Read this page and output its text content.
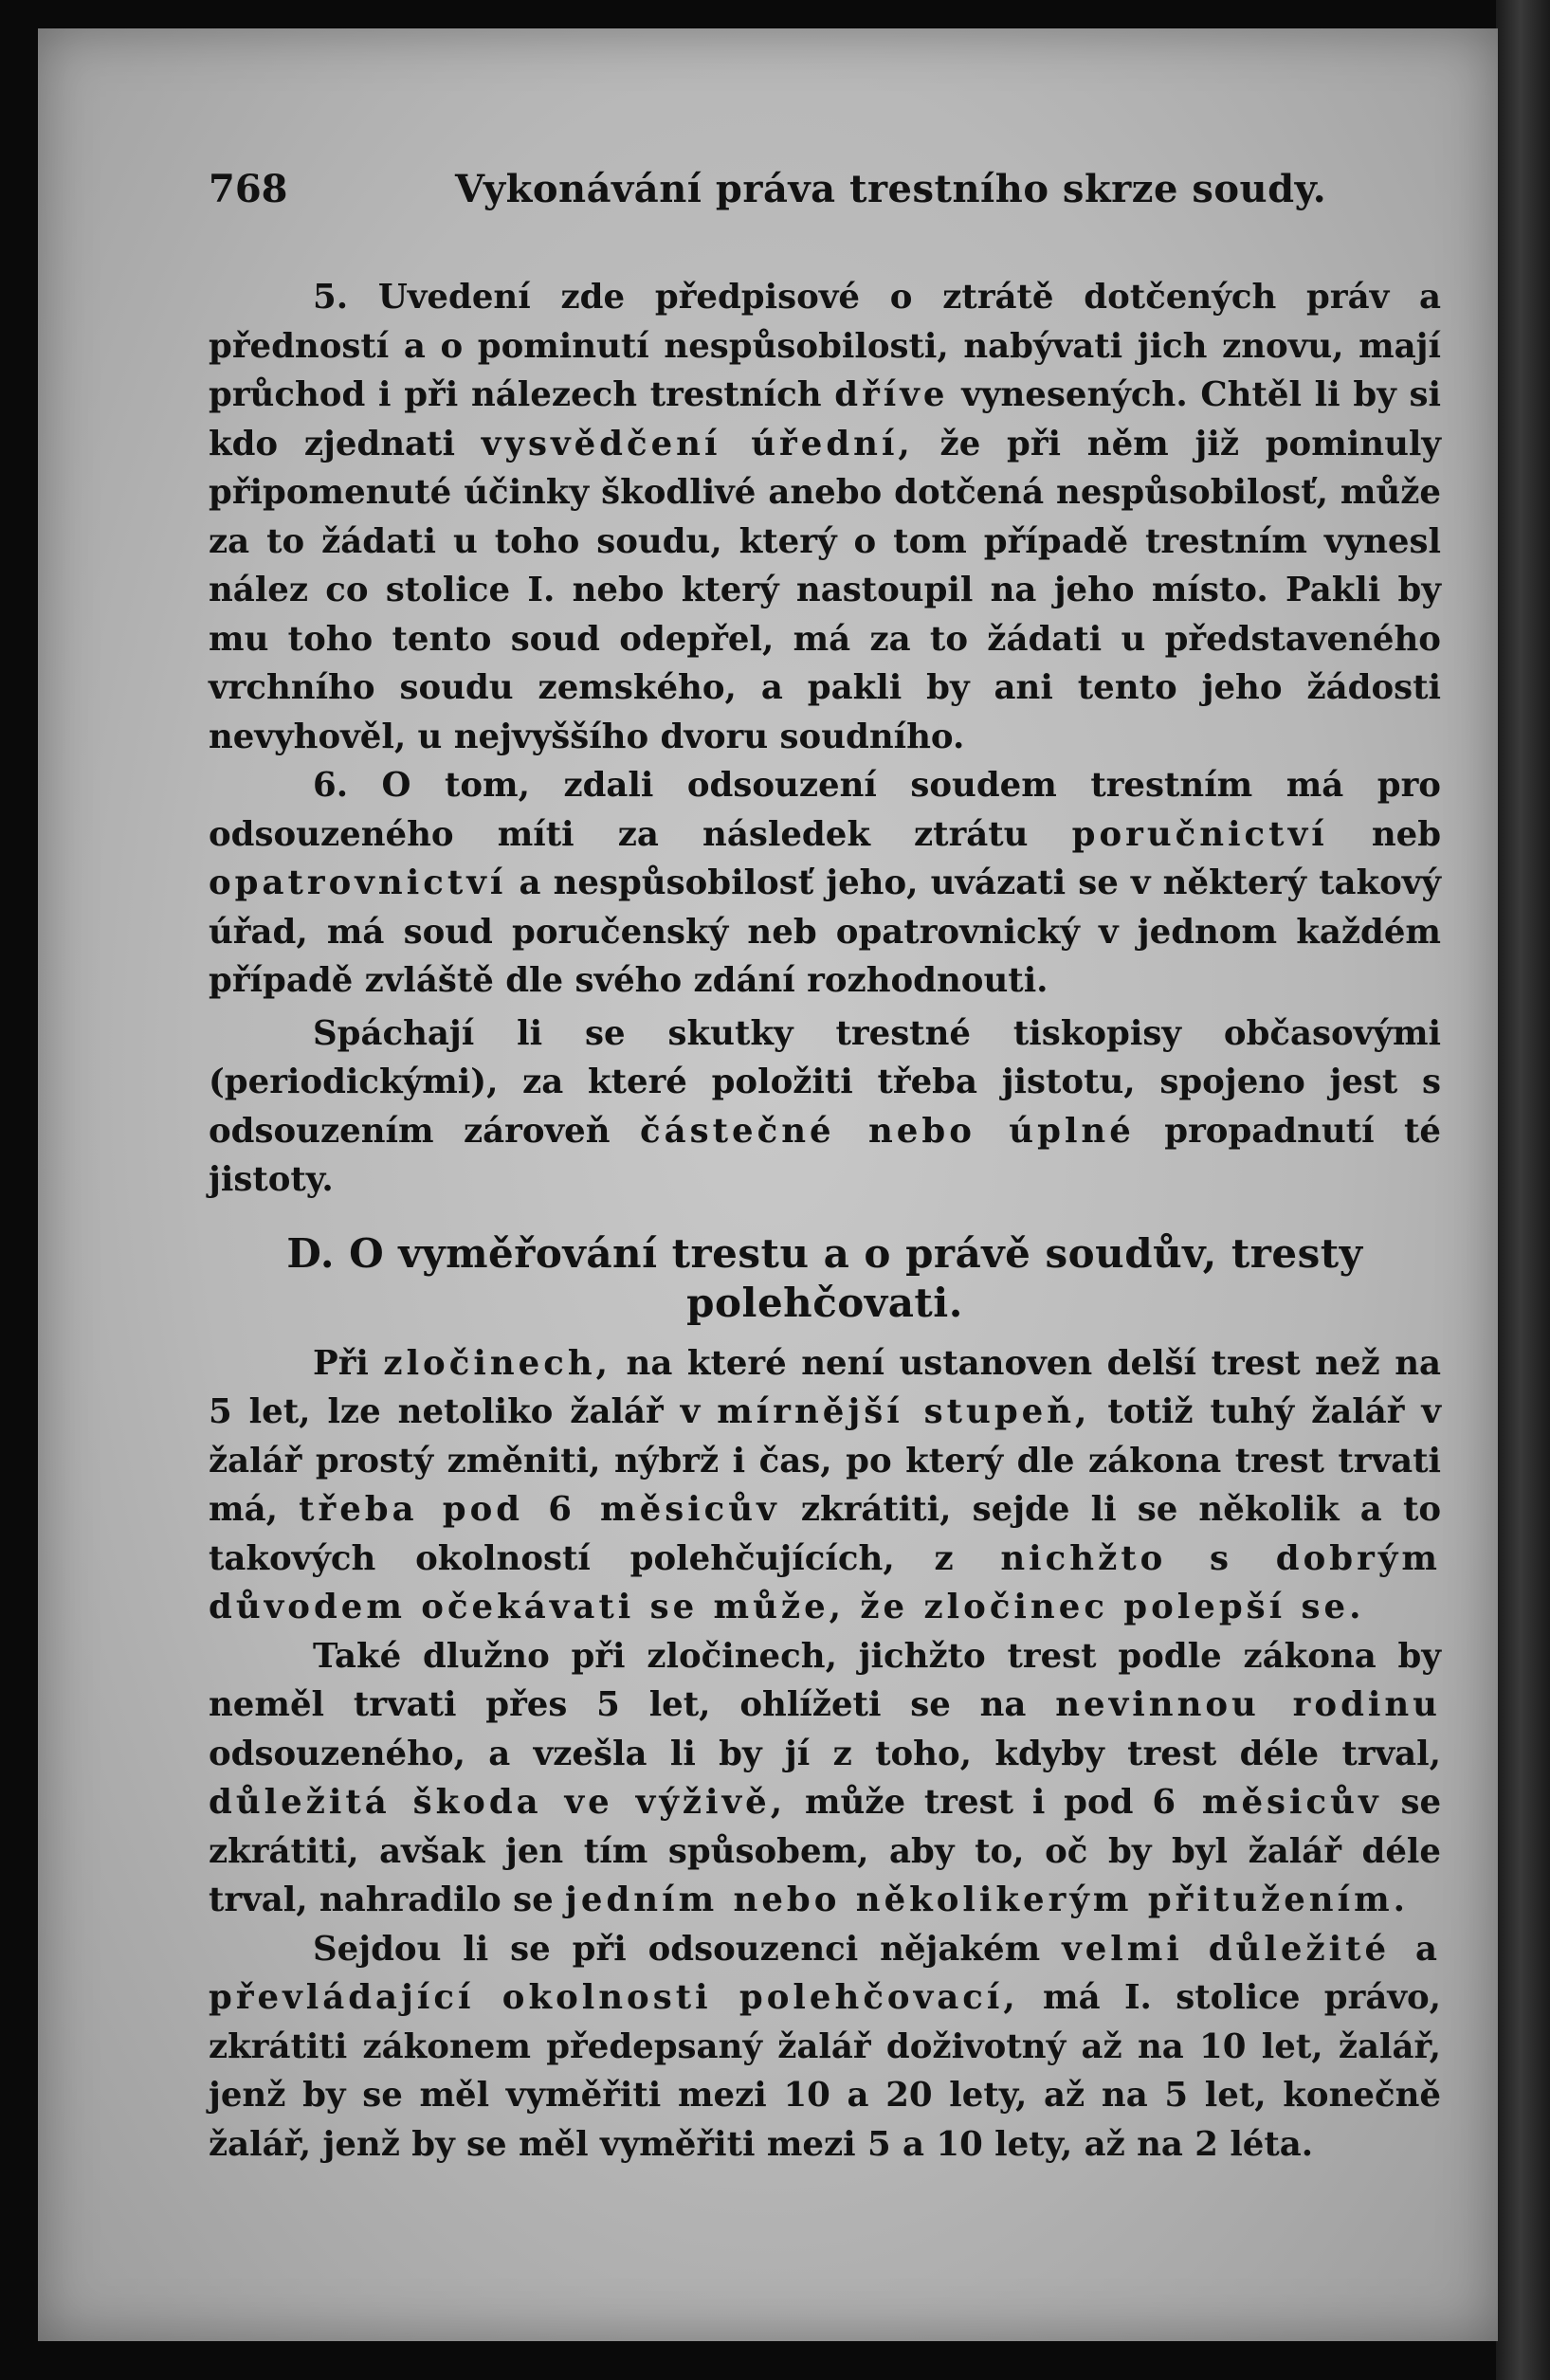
768	Vykonávání práva trestního skrze soudy.

5. Uvedení zde předpisové o ztrátě dotčených práv a předností a o pominutí nespůsobilosti, nabývati jich znovu, mají průchod i při nálezech trestních dříve vynesených. Chtěl li by si kdo zjednati vysvědčení úřední, že při něm již pominuly připomenuté účinky škodlivé anebo dotčená nespůsobilosť, může za to žádati u toho soudu, který o tom případě trestním vynesl nález co stolice I. nebo který nastoupil na jeho místo. Pakli by mu toho tento soud odepřel, má za to žádati u představeného vrchního soudu zemského, a pakli by ani tento jeho žádosti nevyhověl, u nejvyššího dvoru soudního.

6. O tom, zdali odsouzení soudem trestním má pro odsouzeného míti za následek ztrátu poručnictví neb opatrovnictví a nespůsobilosť jeho, uvázati se v některý takový úřad, má soud poručenský neb opatrovnický v jednom každém případě zvláště dle svého zdání rozhodnouti.

Spáchají li se skutky trestné tiskopisy občasovými (periodickými), za které položiti třeba jistotu, spojeno jest s odsouzením zároveň částečné nebo úplné propadnutí té jistoty.

D. O vyměřování trestu a o právě soudův, tresty polehčovati.

Při zločinech, na které není ustanoven delší trest než na 5 let, lze netoliko žalář v mírnější stupeň, totiž tuhý žalář v žalář prostý změniti, nýbrž i čas, po který dle zákona trest trvati má, třeba pod 6 měsicův zkrátiti, sejde li se několik a to takových okolností polehčujících, z nichžto s dobrým důvodem očekávati se může, že zločinec polepší se.

Také dlužno při zločinech, jichžto trest podle zákona by neměl trvati přes 5 let, ohlížeti se na nevinnou rodinu odsouzeného, a vzešla li by jí z toho, kdyby trest déle trval, důležitá škoda ve výživě, může trest i pod 6 měsicův se zkrátiti, avšak jen tím spůsobem, aby to, oč by byl žalář déle trval, nahradilo se jedním nebo několikerým přitužením.

Sejdou li se při odsouzenci nějakém velmi důležité a převládající okolnosti polehčovací, má I. stolice právo, zkrátiti zákonem předepsaný žalář doživotný až na 10 let, žalář, jenž by se měl vyměřiti mezi 10 a 20 lety, až na 5 let, konečně žalář, jenž by se měl vyměřiti mezi 5 a 10 lety, až na 2 léta.
